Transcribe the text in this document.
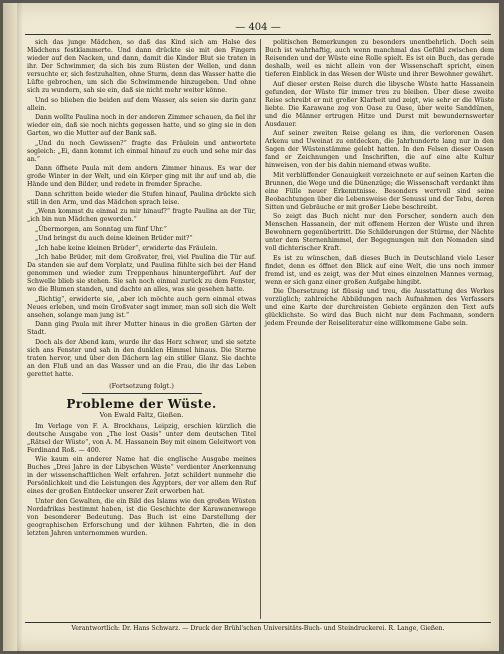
— 404 —

sich das junge Mädchen, so daß das Kind sich am Halse des Mädchens festklammerte. Und dann drückte sie mit den Fingern wieder auf den Nacken, und dann, damit die Kinder Blut sie traten in ihr. Der Schwimmer, da sich bis zum Rüsten der Wellen, und dann versuchte er, sich festzuhalten, ohne Sturm, denn das Wasser hatte die Lüfte gebrochen, um sich die Schwimmende hinzugeben. Und ohne sich zu wundern, sah sie ein, daß sie nicht mehr weiter könne.

Und so blieben die beiden auf dem Wasser, als seien sie darin ganz allein.

Dann wollte Paulina noch in der anderen Zimmer schauen, da fiel ihr wieder ein, daß sie noch nichts gegessen hatte, und so ging sie in den Garten, wo die Mutter auf der Bank saß.

„Und du noch Gewissen?“ fragte das Fräulein und antwortete sogleich: „Ei, dann kommt ich einmal hinauf zu euch und sehe mir das an.“

Dann öffnete Paula mit dem andern Zimmer hinaus. Es war der große Winter in der Welt, und ein Körper ging mit ihr auf und ab, die Hände und den Bilder, und redete in fremder Sprache.

Dann schritten beide wieder die Stufen hinauf, Paulina drückte sich still in den Arm, und das Mädchen sprach leise.

„Wenn kommst du einmal zu mir hinauf?“ fragte Paulina an der Tür, „ich bin nun Mädchen geworden.“

„Übermorgen, am Sonntag um fünf Uhr.“

„Und bringst du auch deine kleinen Brüder mit?“

„Ich habe keine kleinen Brüder“, erwiderte das Fräulein.

„Ich habe Brüder, mit dem Großvater, frei, viel Paulina die Tür auf. Da standen sie auf dem Vorplatz, und Paulina fühlte sich bei der Hand genommen und wieder zum Treppenhaus hinuntergeführt. Auf der Schwelle blieb sie stehen. Sie sah noch einmal zurück zu dem Fenster, wo die Blumen standen, und dachte an alles, was sie gesehen hatte.

„Richtig“, erwiderte sie, „aber ich möchte auch gern einmal etwas Neues erleben, und mein Großvater sagt immer, man soll sich die Welt ansehen, solange man jung ist.“

Dann ging Paula mit ihrer Mutter hinaus in die großen Gärten der Stadt.

Doch als der Abend kam, wurde ihr das Herz schwer, und sie setzte sich ans Fenster und sah in den dunklen Himmel hinaus. Die Sterne traten hervor, und über den Dächern lag ein stiller Glanz. Sie dachte an den Fluß und an das Wasser und an die Frau, die ihr das Leben gerettet hatte.

(Fortsetzung folgt.)
Probleme der Wüste.
Von Ewald Faltz, Gießen.

Im Verlage von F. A. Brockhaus, Leipzig, erschien kürzlich die deutsche Ausgabe von „The lost Oasis“ unter dem deutschen Titel „Rätsel der Wüste“, von A. M. Hassanein Bey mit einem Geleitwort von Ferdinand Roß. — 400.

Wie kaum ein anderer Name hat die englische Ausgabe meines Buches „Drei Jahre in der Libyschen Wüste“ verdienter Anerkennung in der wissenschaftlichen Welt erfahren. Jetzt schildert nunmehr die Persönlichkeit und die Leistungen des Ägypters, der vor allem den Ruf eines der großen Entdecker unserer Zeit erworben hat.

Unter den Gewalten, die ein Bild des Islams wie den großen Wüsten Nordafrikas bestimmt haben, ist die Geschichte der Karawanenwege von besonderer Bedeutung. Das Buch ist eine Darstellung der geographischen Erforschung und der kühnen Fahrten, die in den letzten Jahren unternommen wurden.

politischen Bemerkungen zu besonders unentbehrlich. Doch sein Buch ist wahrhaftig, auch wenn manchmal das Gefühl zwischen dem Reisenden und der Wüste eine Rolle spielt. Es ist ein Buch, das gerade deshalb, weil es nicht allein von der Wissenschaft spricht, einen tieferen Einblick in das Wesen der Wüste und ihrer Bewohner gewährt.

Auf dieser ersten Reise durch die libysche Wüste hatte Hassanein gefunden, der Wüste für immer treu zu bleiben. Über diese zweite Reise schreibt er mit großer Klarheit und zeigt, wie sehr er die Wüste liebte. Die Karawane zog von Oase zu Oase, über weite Sanddünen, und die Männer ertrugen Hitze und Durst mit bewundernswerter Ausdauer.

Auf seiner zweiten Reise gelang es ihm, die verlorenen Oasen Arkenu und Uweinat zu entdecken, die Jahrhunderte lang nur in den Sagen der Wüstenstämme gelebt hatten. In den Felsen dieser Oasen fand er Zeichnungen und Inschriften, die auf eine alte Kultur hinweisen, von der bis dahin niemand etwas wußte.

Mit verblüffender Genauigkeit verzeichnete er auf seinen Karten die Brunnen, die Wege und die Dünenzüge; die Wissenschaft verdankt ihm eine Fülle neuer Erkenntnisse. Besonders wertvoll sind seine Beobachtungen über die Lebensweise der Senussi und der Tebu, deren Sitten und Gebräuche er mit großer Liebe beschreibt.

So zeigt das Buch nicht nur den Forscher, sondern auch den Menschen Hassanein, der mit offenem Herzen der Wüste und ihren Bewohnern gegenübertritt. Die Schilderungen der Stürme, der Nächte unter dem Sternenhimmel, der Begegnungen mit den Nomaden sind voll dichterischer Kraft.

Es ist zu wünschen, daß dieses Buch in Deutschland viele Leser findet, denn es öffnet den Blick auf eine Welt, die uns noch immer fremd ist, und es zeigt, was der Mut eines einzelnen Mannes vermag, wenn er sich ganz einer großen Aufgabe hingibt.

Die Übersetzung ist flüssig und treu, die Ausstattung des Werkes vorzüglich; zahlreiche Abbildungen nach Aufnahmen des Verfassers und eine Karte der durchreisten Gebiete ergänzen den Text aufs glücklichste. So wird das Buch nicht nur dem Fachmann, sondern jedem Freunde der Reiseliteratur eine willkommene Gabe sein.

Verantwortlich: Dr. Hans Schwarz. — Druck der Brühl'schen Universitäts-Buch- und Steindruckerei. R. Lange, Gießen.
